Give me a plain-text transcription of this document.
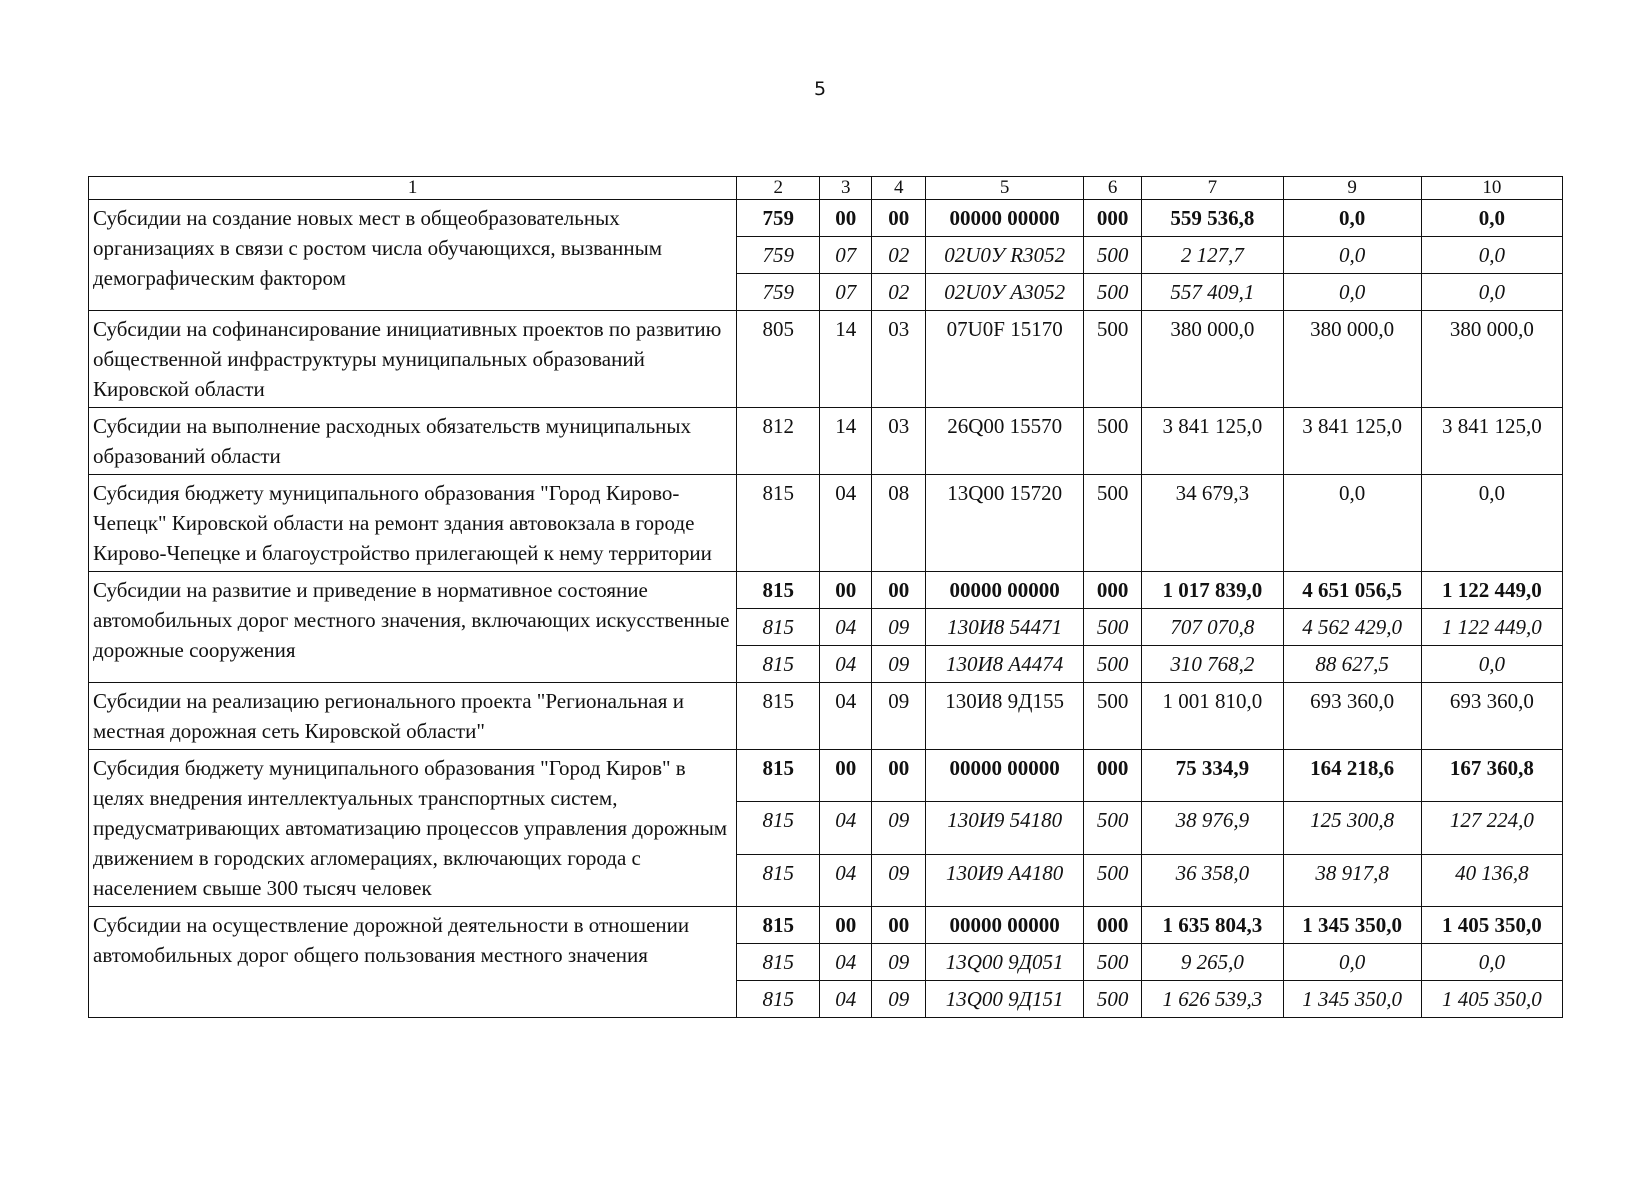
5
1	2	3	4	5	6	7	9	10
Субсидии на создание новых мест в общеобразовательных организациях в связи с ростом числа обучающихся, вызванным демографическим фактором	759	00	00	00000 00000	000	559 536,8	0,0	0,0
	759	07	02	02U0У R3052	500	2 127,7	0,0	0,0
	759	07	02	02U0У A3052	500	557 409,1	0,0	0,0
Субсидии на софинансирование инициативных проектов по развитию общественной инфраструктуры муниципальных образований Кировской области	805	14	03	07U0F 15170	500	380 000,0	380 000,0	380 000,0
Субсидии на выполнение расходных обязательств муниципальных образований области	812	14	03	26Q00 15570	500	3 841 125,0	3 841 125,0	3 841 125,0
Субсидия бюджету муниципального образования "Город Кирово-Чепецк" Кировской области на ремонт здания автовокзала в городе Кирово-Чепецке и благоустройство прилегающей к нему территории	815	04	08	13Q00 15720	500	34 679,3	0,0	0,0
Субсидии на развитие и приведение в нормативное состояние автомобильных дорог местного значения, включающих искусственные дорожные сооружения	815	00	00	00000 00000	000	1 017 839,0	4 651 056,5	1 122 449,0
	815	04	09	130И8 54471	500	707 070,8	4 562 429,0	1 122 449,0
	815	04	09	130И8 A4474	500	310 768,2	88 627,5	0,0
Субсидии на реализацию регионального проекта "Региональная и местная дорожная сеть Кировской области"	815	04	09	130И8 9Д155	500	1 001 810,0	693 360,0	693 360,0
Субсидия бюджету муниципального образования "Город Киров" в целях внедрения интеллектуальных транспортных систем, предусматривающих автоматизацию процессов управления дорожным движением в городских агломерациях, включающих города с населением свыше 300 тысяч человек	815	00	00	00000 00000	000	75 334,9	164 218,6	167 360,8
	815	04	09	130И9 54180	500	38 976,9	125 300,8	127 224,0
	815	04	09	130И9 A4180	500	36 358,0	38 917,8	40 136,8
Субсидии на осуществление дорожной деятельности в отношении автомобильных дорог общего пользования местного значения	815	00	00	00000 00000	000	1 635 804,3	1 345 350,0	1 405 350,0
	815	04	09	13Q00 9Д051	500	9 265,0	0,0	0,0
	815	04	09	13Q00 9Д151	500	1 626 539,3	1 345 350,0	1 405 350,0
